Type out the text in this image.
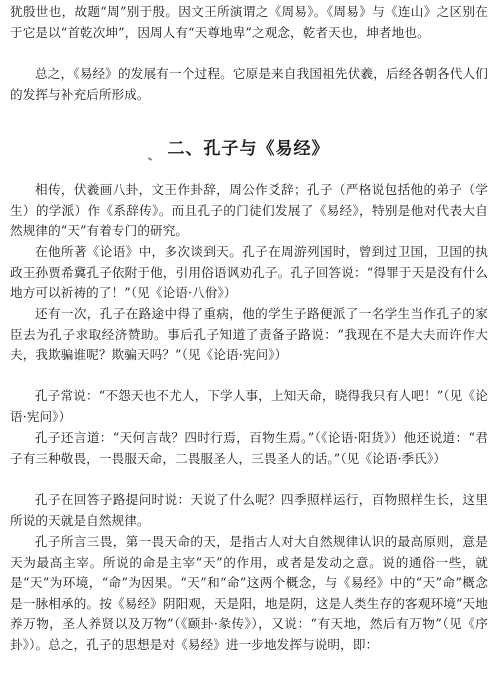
犹殷世也，故题“周”别于殷。因文王所演谓之《周易》。《周易》与《连山》之区别在于它是以“首乾次坤”，因周人有“天尊地卑”之观念，乾者天也，坤者地也。

总之，《易经》的发展有一个过程。它原是来自我国祖先伏羲，后经各朝各代人们的发挥与补充后所形成。

二、孔子与《易经》

相传，伏羲画八卦，文王作卦辞，周公作爻辞；孔子（严格说包括他的弟子（学生）的学派）作《系辞传》。而且孔子的门徒们发展了《易经》，特别是他对代表大自然规律的“天”有着专门的研究。

在他所著《论语》中，多次谈到天。孔子在周游列国时，曾到过卫国，卫国的执政王孙贾希冀孔子依附于他，引用俗语讽劝孔子。孔子回答说：“得罪于天是没有什么地方可以祈祷的了！”（见《论语·八佾》）

还有一次，孔子在路途中得了重病，他的学生子路便派了一名学生当作孔子的家臣去为孔子求取经济赞助。事后孔子知道了责备子路说：“我现在不是大夫而许作大夫，我欺骗谁呢？欺骗天吗？”（见《论语·宪问》）

孔子常说：“不怨天也不尤人，下学人事，上知天命，晓得我只有人吧！”（见《论语·宪问》）

孔子还言道：“天何言哉？四时行焉，百物生焉。”（《论语·阳货》）他还说道：“君子有三种敬畏，一畏服天命，二畏服圣人，三畏圣人的话。”（见《论语·季氏》）

孔子在回答子路提问时说：天说了什么呢？四季照样运行，百物照样生长，这里所说的天就是自然规律。

孔子所言三畏，第一畏天命的天，是指古人对大自然规律认识的最高原则，意是天为最高主宰。所说的命是主宰“天”的作用，或者是发动之意。说的通俗一些，就是“天”为环境，“命”为因果。“天”和“命”这两个概念，与《易经》中的“天”命”概念是一脉相承的。按《易经》阴阳观，天是阳，地是阴，这是人类生存的客观环境“天地养万物，圣人养贤以及万物”（《颐卦·彖传》），又说：“有天地，然后有万物”（见《序卦》）。总之，孔子的思想是对《易经》进一步地发挥与说明，即：
